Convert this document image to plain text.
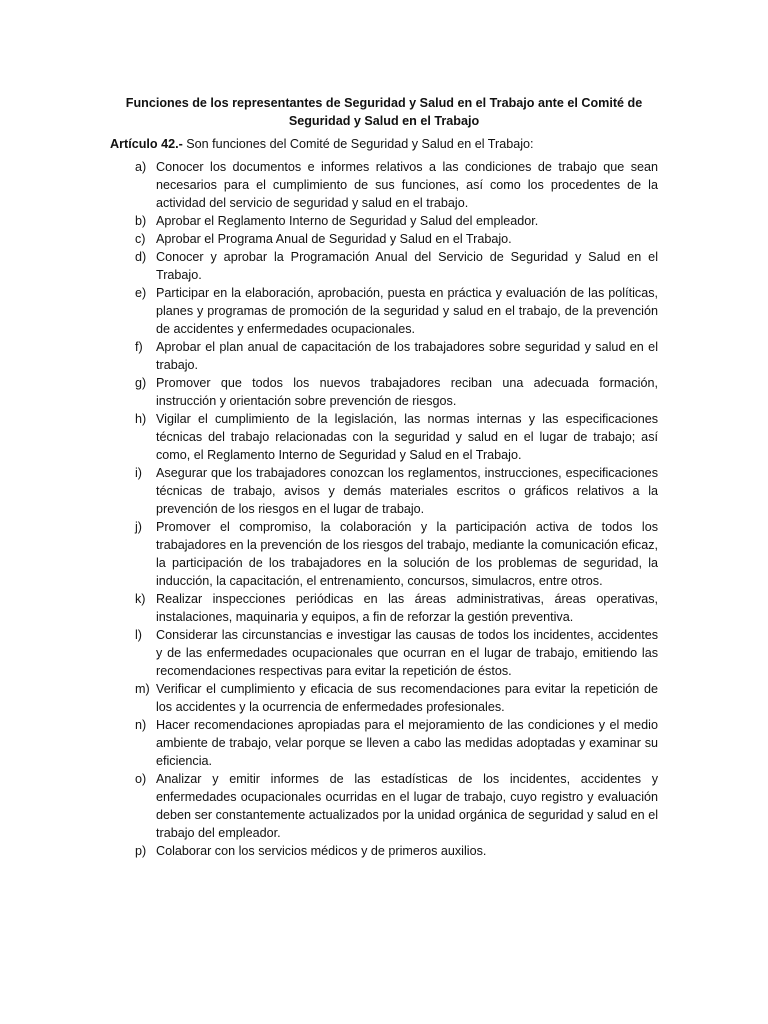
Funciones de los representantes de Seguridad y Salud en el Trabajo ante el Comité de Seguridad y Salud en el Trabajo
Artículo 42.- Son funciones del Comité de Seguridad y Salud en el Trabajo:
a) Conocer los documentos e informes relativos a las condiciones de trabajo que sean necesarios para el cumplimiento de sus funciones, así como los procedentes de la actividad del servicio de seguridad y salud en el trabajo.
b) Aprobar el Reglamento Interno de Seguridad y Salud del empleador.
c) Aprobar el Programa Anual de Seguridad y Salud en el Trabajo.
d) Conocer y aprobar la Programación Anual del Servicio de Seguridad y Salud en el Trabajo.
e) Participar en la elaboración, aprobación, puesta en práctica y evaluación de las políticas, planes y programas de promoción de la seguridad y salud en el trabajo, de la prevención de accidentes y enfermedades ocupacionales.
f)	Aprobar el plan anual de capacitación de los trabajadores sobre seguridad y salud en el trabajo.
g) Promover que todos los nuevos trabajadores reciban una adecuada formación, instrucción y orientación sobre prevención de riesgos.
h) Vigilar el cumplimiento de la legislación, las normas internas y las especificaciones técnicas del trabajo relacionadas con la seguridad y salud en el lugar de trabajo; así como, el Reglamento Interno de Seguridad y Salud en el Trabajo.
i)	Asegurar que los trabajadores conozcan los reglamentos, instrucciones, especificaciones técnicas de trabajo, avisos y demás materiales escritos o gráficos relativos a la prevención de los riesgos en el lugar de trabajo.
j)	Promover el compromiso, la colaboración y la participación activa de todos los trabajadores en la prevención de los riesgos del trabajo, mediante la comunicación eficaz, la participación de los trabajadores en la solución de los problemas de seguridad, la inducción, la capacitación, el entrenamiento, concursos, simulacros, entre otros.
k) Realizar inspecciones periódicas en las áreas administrativas, áreas operativas, instalaciones, maquinaria y equipos, a fin de reforzar la gestión preventiva.
l)	Considerar las circunstancias e investigar las causas de todos los incidentes, accidentes y de las enfermedades ocupacionales que ocurran en el lugar de trabajo, emitiendo las recomendaciones respectivas para evitar la repetición de éstos.
m) Verificar el cumplimiento y eficacia de sus recomendaciones para evitar la repetición de los accidentes y la ocurrencia de enfermedades profesionales.
n) Hacer recomendaciones apropiadas para el mejoramiento de las condiciones y el medio ambiente de trabajo, velar porque se lleven a cabo las medidas adoptadas y examinar su eficiencia.
o) Analizar y emitir informes de las estadísticas de los incidentes, accidentes y enfermedades ocupacionales ocurridas en el lugar de trabajo, cuyo registro y evaluación deben ser constantemente actualizados por la unidad orgánica de seguridad y salud en el trabajo del empleador.
p) Colaborar con los servicios médicos y de primeros auxilios.
